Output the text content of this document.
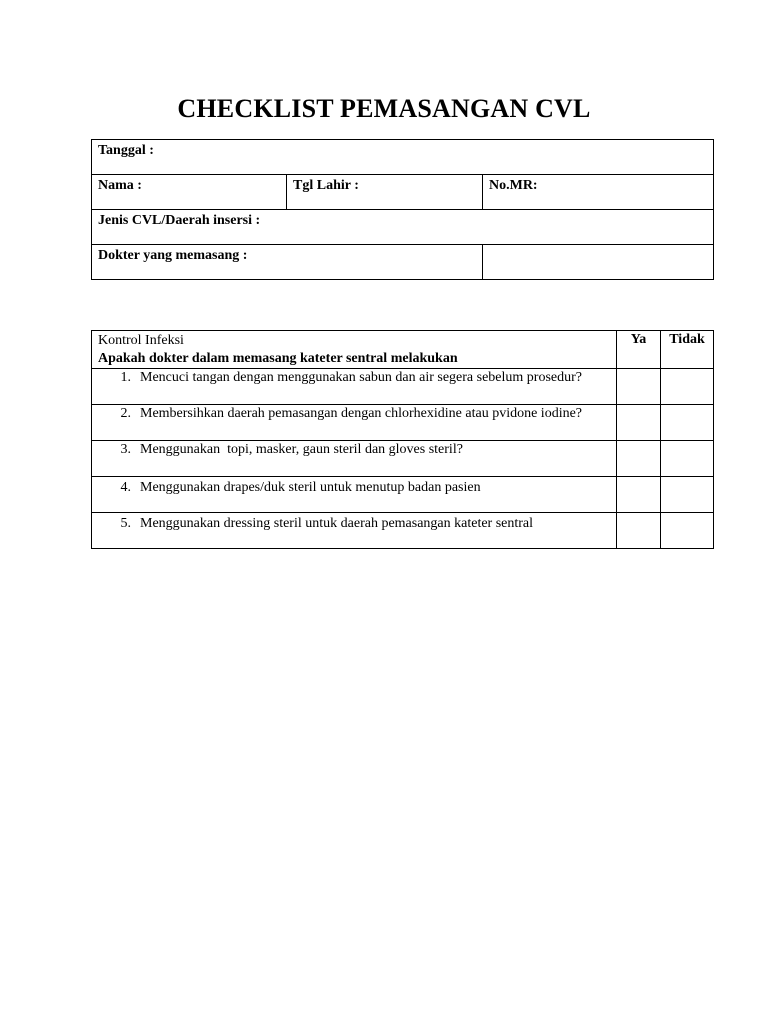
CHECKLIST PEMASANGAN CVL
Tanggal :		
Nama :	Tgl Lahir :	No.MR:
Jenis CVL/Daerah insersi :		
Dokter yang memasang :		
Kontrol Infeksi
Apakah dokter dalam memasang kateter sentral melakukan	Ya	Tidak

1. Mencuci tangan dengan menggunakan sabun dan air segera sebelum prosedur?		

2. Membersihkan daerah pemasangan dengan chlorhexidine atau pvidone iodine?		

3. Menggunakan  topi, masker, gaun steril dan gloves steril?		

4. Menggunakan drapes/duk steril untuk menutup badan pasien		

5. Menggunakan dressing steril untuk daerah pemasangan kateter sentral		
